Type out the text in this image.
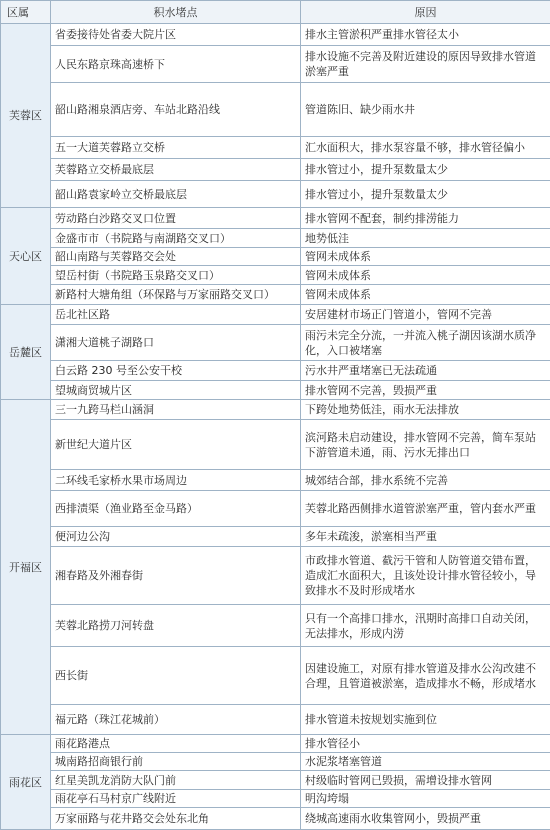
区属	积水堵点	原因
芙蓉区	省委接待处省委大院片区	排水主管淤积严重排水管径太小
	人民东路京珠高速桥下	排水设施不完善及附近建设的原因导致排水管道淤塞严重
	韶山路湘泉酒店旁、车站北路沿线	管道陈旧、缺少雨水井
	五一大道芙蓉路立交桥	汇水面积大，排水泵容量不够，排水管径偏小
	芙蓉路立交桥最底层	排水管过小，提升泵数量太少
	韶山路袁家岭立交桥最底层	排水管过小，提升泵数量太少
天心区	劳动路白沙路交叉口位置	排水管网不配套，制约排涝能力
	金盛市市（书院路与南湖路交叉口）	地势低洼
	韶山南路与芙蓉路交会处	管网未成体系
	望岳村街（书院路玉泉路交叉口）	管网未成体系
	新路村大塘角组（环保路与万家丽路交叉口）	管网未成体系
岳麓区	岳北社区路	安居建材市场正门管道小，管网不完善
	潇湘大道桃子湖路口	雨污未完全分流，一并流入桃子湖因该湖水质净化，入口被堵塞
	白云路 230 号至公安干校	污水井严重堵塞已无法疏通
	望城商贸城片区	排水管网不完善，毁损严重
开福区	三一九跨马栏山涵洞	下跨处地势低洼，雨水无法排放
	新世纪大道片区	滨河路未启动建设，排水管网不完善，简车泵站下游管道未通，雨、污水无排出口
	二环线毛家桥水果市场周边	城郊结合部，排水系统不完善
	西排渍渠（渔业路至金马路）	芙蓉北路西侧排水道管淤塞严重，管内套水严重
	便河边公沟	多年未疏浚，淤塞相当严重
	湘春路及外湘春街	市政排水管道、截污干管和人防管道交错布置，造成汇水面积大，且该处设计排水管径较小，导致排水不及时形成堵水
	芙蓉北路捞刀河转盘	只有一个高排口排水，汛期时高排口自动关闭，无法排水，形成内涝
	西长街	因建设施工，对原有排水管道及排水公沟改建不合理，且管道被淤塞，造成排水不畅，形成堵水
	福元路（珠江花城前）	排水管道未按规划实施到位
雨花区	雨花路港点	排水管径小
	城南路招商银行前	水泥浆堵塞管道
	红星美凯龙消防大队门前	村级临时管网已毁损，需增设排水管网
	雨花亭石马村京广线附近	明沟垮塌
	万家丽路与花井路交会处东北角	绕城高速雨水收集管网小，毁损严重
